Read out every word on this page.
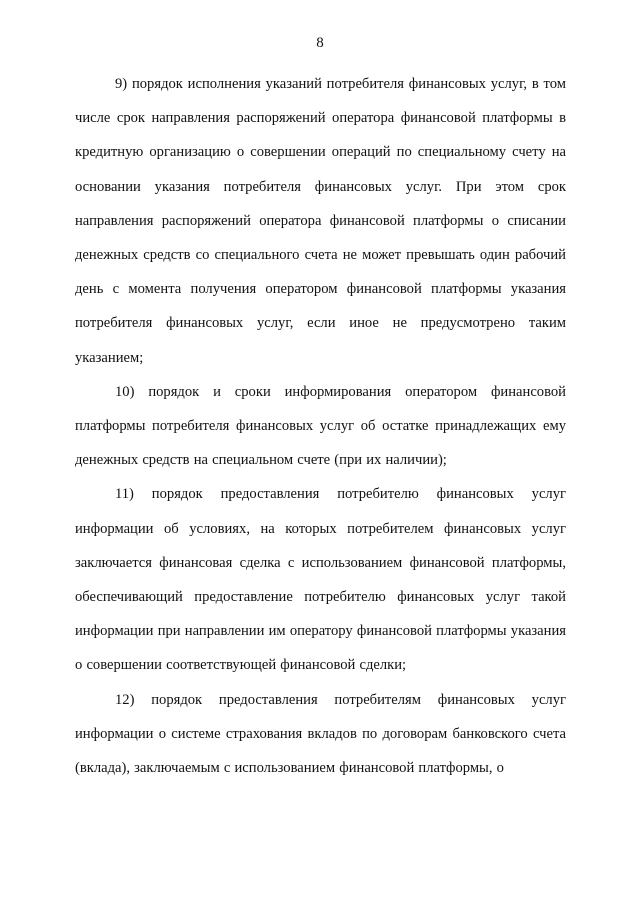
8

9) порядок исполнения указаний потребителя финансовых услуг, в том числе срок направления распоряжений оператора финансовой платформы в кредитную организацию о совершении операций по специальному счету на основании указания потребителя финансовых услуг. При этом срок направления распоряжений оператора финансовой платформы о списании денежных средств со специального счета не может превышать один рабочий день с момента получения оператором финансовой платформы указания потребителя финансовых услуг, если иное не предусмотрено таким указанием;

10) порядок и сроки информирования оператором финансовой платформы потребителя финансовых услуг об остатке принадлежащих ему денежных средств на специальном счете (при их наличии);

11) порядок предоставления потребителю финансовых услуг информации об условиях, на которых потребителем финансовых услуг заключается финансовая сделка с использованием финансовой платформы, обеспечивающий предоставление потребителю финансовых услуг такой информации при направлении им оператору финансовой платформы указания о совершении соответствующей финансовой сделки;

12) порядок предоставления потребителям финансовых услуг информации о системе страхования вкладов по договорам банковского счета (вклада), заключаемым с использованием финансовой платформы, о
